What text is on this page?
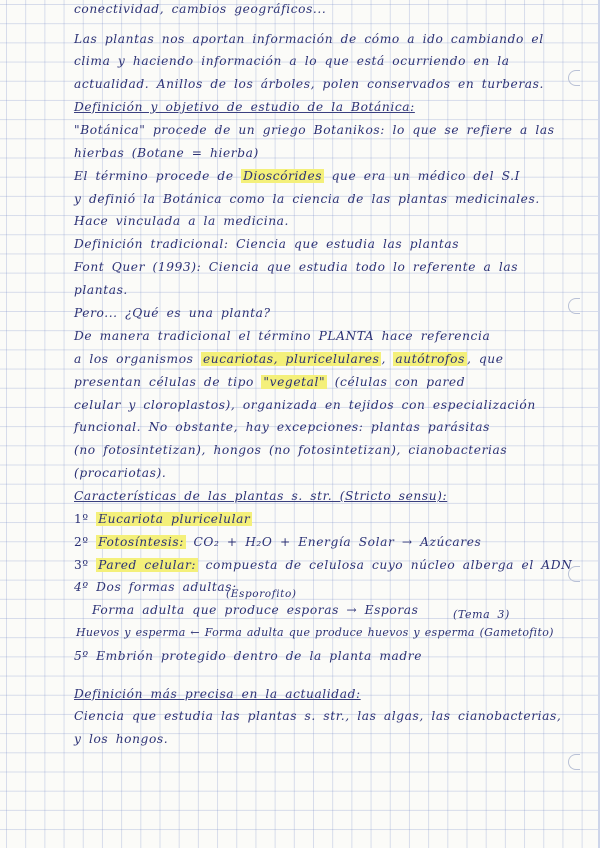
conectividad, cambios geográficos...
Las plantas nos aportan información de cómo a ido cambiando el
clima y haciendo información a lo que está ocurriendo en la
actualidad. Anillos de los árboles, polen conservados en turberas.
Definición y objetivo de estudio de la Botánica:
"Botánica" procede de un griego Botanikos: lo que se refiere a las
hierbas (Botane = hierba)
El término procede de Dioscórides que era un médico del S.I
y definió la Botánica como la ciencia de las plantas medicinales.
Hace vinculada a la medicina.
Definición tradicional: Ciencia que estudia las plantas
Font Quer (1993): Ciencia que estudia todo lo referente a las
plantas.
Pero... ¿Qué es una planta?
De manera tradicional el término PLANTA hace referencia
a los organismos eucariotas, pluricelulares , autótrofos , que
presentan células de tipo "vegetal" (células con pared
celular y cloroplastos), organizada en tejidos con especialización
funcional. No obstante, hay excepciones: plantas parásitas
(no fotosintetizan), hongos (no fotosintetizan), cianobacterias
(procariotas).
Características de las plantas s. str. (Stricto sensu):
1º Eucariota pluricelular
2º Fotosíntesis: CO₂ + H₂O + Energía Solar → Azúcares
3º Pared celular: compuesta de celulosa cuyo núcleo alberga el ADN
4º Dos formas adultas:
(Esporofito)
Forma adulta que produce esporas → Esporas	(Tema 3)
Huevos y esperma ← Forma adulta que produce huevos y esperma (Gametofito)
5º Embrión protegido dentro de la planta madre
Definición más precisa en la actualidad:
Ciencia que estudia las plantas s. str., las algas, las cianobacterias,
y los hongos.
